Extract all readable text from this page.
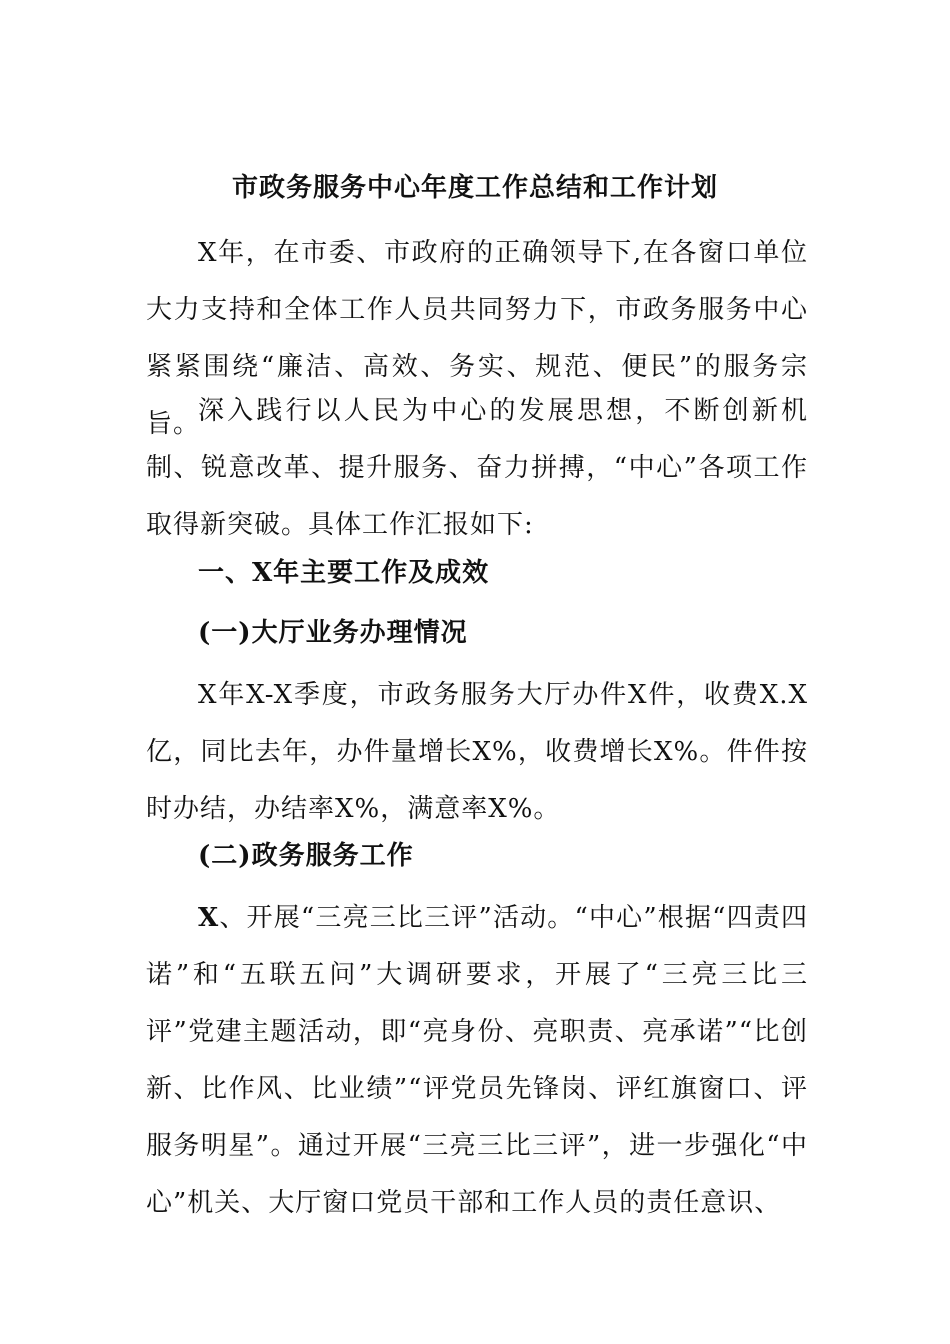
市政务服务中心年度工作总结和工作计划

X年，在市委、市政府的正确领导下,在各窗口单位大力支持和全体工作人员共同努力下，市政务服务中心紧紧围绕“廉洁、高效、务实、规范、便民”的服务宗旨。

深入践行以人民为中心的发展思想，不断创新机制、锐意改革、提升服务、奋力拼搏，“中心”各项工作取得新突破。具体工作汇报如下:

一、X年主要工作及成效
(一)大厅业务办理情况

X年X-X季度，市政务服务大厅办件X件，收费X.X亿，同比去年，办件量增长X%，收费增长X%。件件按时办结，办结率X%，满意率X%。

(二)政务服务工作

X、开展“三亮三比三评”活动。“中心”根据“四责四诺”和“五联五问”大调研要求，开展了“三亮三比三评”党建主题活动，即“亮身份、亮职责、亮承诺”“比创新、比作风、比业绩”“评党员先锋岗、评红旗窗口、评服务明星”。通过开展“三亮三比三评”，进一步强化“中心”机关、大厅窗口党员干部和工作人员的责任意识、
